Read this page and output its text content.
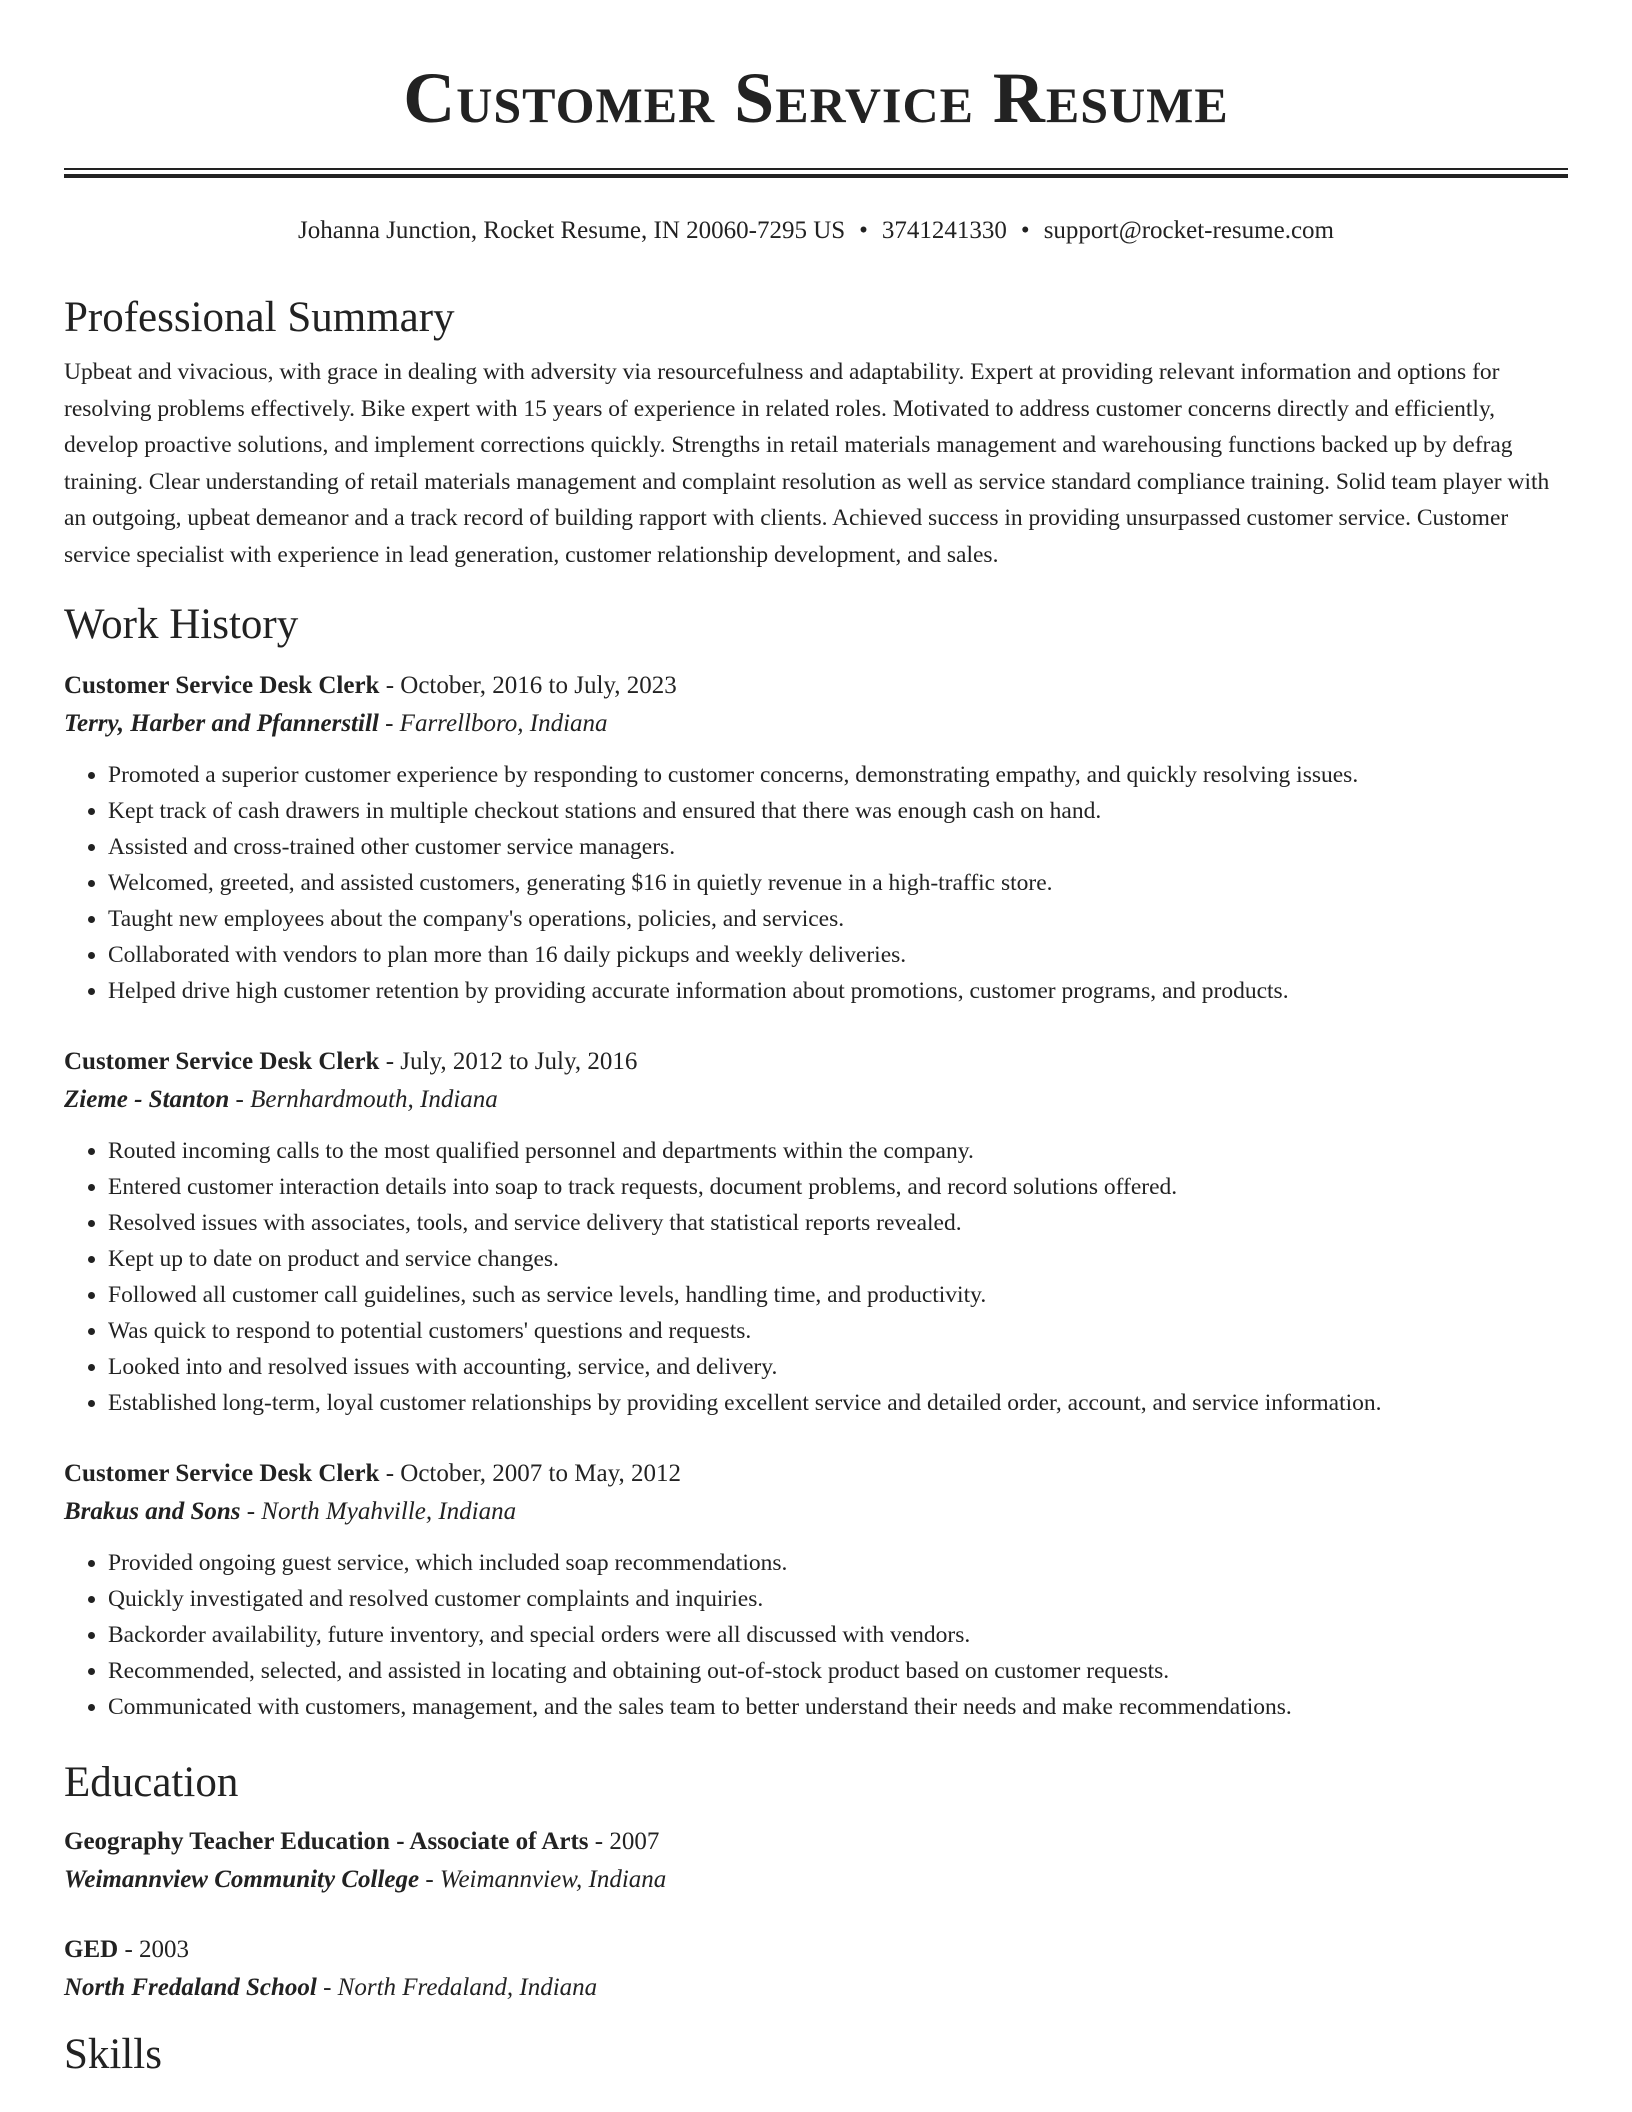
Customer Service Resume
Johanna Junction, Rocket Resume, IN 20060-7295 US • 3741241330 • support@rocket-resume.com
Professional Summary

Upbeat and vivacious, with grace in dealing with adversity via resourcefulness and adaptability. Expert at providing relevant information and options for resolving problems effectively. Bike expert with 15 years of experience in related roles. Motivated to address customer concerns directly and efficiently, develop proactive solutions, and implement corrections quickly. Strengths in retail materials management and warehousing functions backed up by defrag training. Clear understanding of retail materials management and complaint resolution as well as service standard compliance training. Solid team player with an outgoing, upbeat demeanor and a track record of building rapport with clients. Achieved success in providing unsurpassed customer service. Customer service specialist with experience in lead generation, customer relationship development, and sales.

Work History
Customer Service Desk Clerk - October, 2016 to July, 2023
Terry, Harber and Pfannerstill - Farrellboro, Indiana
• Promoted a superior customer experience by responding to customer concerns, demonstrating empathy, and quickly resolving issues.
• Kept track of cash drawers in multiple checkout stations and ensured that there was enough cash on hand.
• Assisted and cross-trained other customer service managers.
• Welcomed, greeted, and assisted customers, generating $16 in quietly revenue in a high-traffic store.
• Taught new employees about the company's operations, policies, and services.
• Collaborated with vendors to plan more than 16 daily pickups and weekly deliveries.
• Helped drive high customer retention by providing accurate information about promotions, customer programs, and products.
Customer Service Desk Clerk - July, 2012 to July, 2016
Zieme - Stanton - Bernhardmouth, Indiana
• Routed incoming calls to the most qualified personnel and departments within the company.
• Entered customer interaction details into soap to track requests, document problems, and record solutions offered.
• Resolved issues with associates, tools, and service delivery that statistical reports revealed.
• Kept up to date on product and service changes.
• Followed all customer call guidelines, such as service levels, handling time, and productivity.
• Was quick to respond to potential customers' questions and requests.
• Looked into and resolved issues with accounting, service, and delivery.
• Established long-term, loyal customer relationships by providing excellent service and detailed order, account, and service information.
Customer Service Desk Clerk - October, 2007 to May, 2012
Brakus and Sons - North Myahville, Indiana
• Provided ongoing guest service, which included soap recommendations.
• Quickly investigated and resolved customer complaints and inquiries.
• Backorder availability, future inventory, and special orders were all discussed with vendors.
• Recommended, selected, and assisted in locating and obtaining out-of-stock product based on customer requests.
• Communicated with customers, management, and the sales team to better understand their needs and make recommendations.
Education
Geography Teacher Education - Associate of Arts - 2007
Weimannview Community College - Weimannview, Indiana
GED - 2003
North Fredaland School - North Fredaland, Indiana
Skills
